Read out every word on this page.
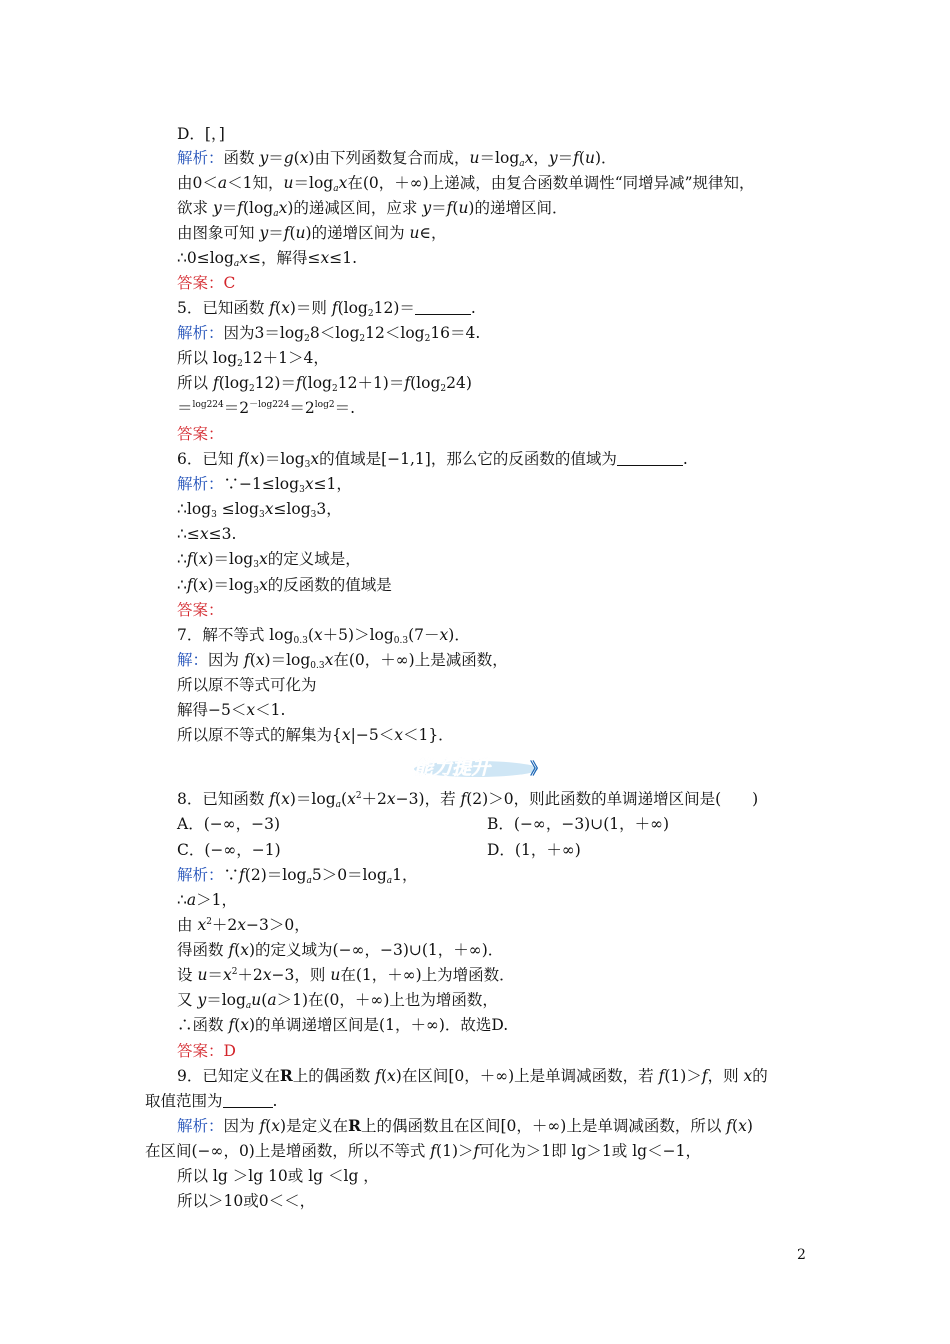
D．[，]
解析：函数 y＝g(x)由下列函数复合而成，$u=\log_ax$，y＝f(u)．
由0＜a＜1知，$u=\log_ax$在(0，＋∞)上递减，由复合函数单调性“同增异减”规律知，
欲求 $y=f(\log_ax)$的递减区间，应求 y＝f(u)的递增区间．
由图象可知 y＝f(u)的递增区间为 u∈，
$\therefore 0\le\log_ax\le$，解得≤x≤1.
答案：C
5．已知函数 f(x)＝则 $f(\log_212)=$	.
解析：因为$3=\log_28<\log_212<\log_216=4$.
所以 $\log_212+1>4$，
所以 $f(\log_212)=f(\log_212+1)=f(\log_224)$
$=^{log224}=2^{-log224}=2^{log2}=$.
答案：
6．已知 $f(x)=\log_3x$的值域是[−1,1]，那么它的反函数的值域为	.
解析：$\because-1\le\log_3x\le 1$，
$\therefore\log_3 \le\log_3x\le\log_33$，
∴≤x≤3.
$\therefore f(x)=\log_3x$的定义域是，
$\therefore f(x)=\log_3x$的反函数的值域是
答案：
7．解不等式 $\log_{0.3}(x+5)>\log_{0.3}(7-x)$．
解：因为 $f(x)=\log_{0.3}x$在(0，＋∞)上是减函数，
所以原不等式可化为
解得−5＜x＜1.
所以原不等式的解集为{x|−5＜x＜1}．
能力提升 》
8．已知函数 $f(x)=\log_a(x^2+2x-3)$，若 f(2)＞0，则此函数的单调递增区间是(　　)
A．(−∞，−3)	B．(−∞，−3)∪(1，＋∞)
C．(−∞，−1)	D．(1，＋∞)
解析：$\because f(2)=\log_a5>0=\log_a1$，
∴a＞1，
由 $x^2+2x-3>0$，
得函数 f(x)的定义域为(−∞，−3)∪(1，＋∞)．
设 $u=x^2+2x-3$，则 u在(1，＋∞)上为增函数．
又 $y=\log_au(a>1)$在(0，＋∞)上也为增函数，
∴函数 f(x)的单调递增区间是(1，＋∞)．故选D.
答案：D
9．已知定义在R上的偶函数 f(x)在区间[0，＋∞)上是单调减函数，若 f(1)＞f，则 x的
取值范围为	.
解析：因为 f(x)是定义在R上的偶函数且在区间[0，＋∞)上是单调减函数，所以 f(x)
在区间(−∞，0)上是增函数，所以不等式 f(1)＞f可化为＞1即 lg＞1或 lg＜−1，
所以 lg ＞lg 10或 lg ＜lg ，
所以＞10或0＜＜，
2
